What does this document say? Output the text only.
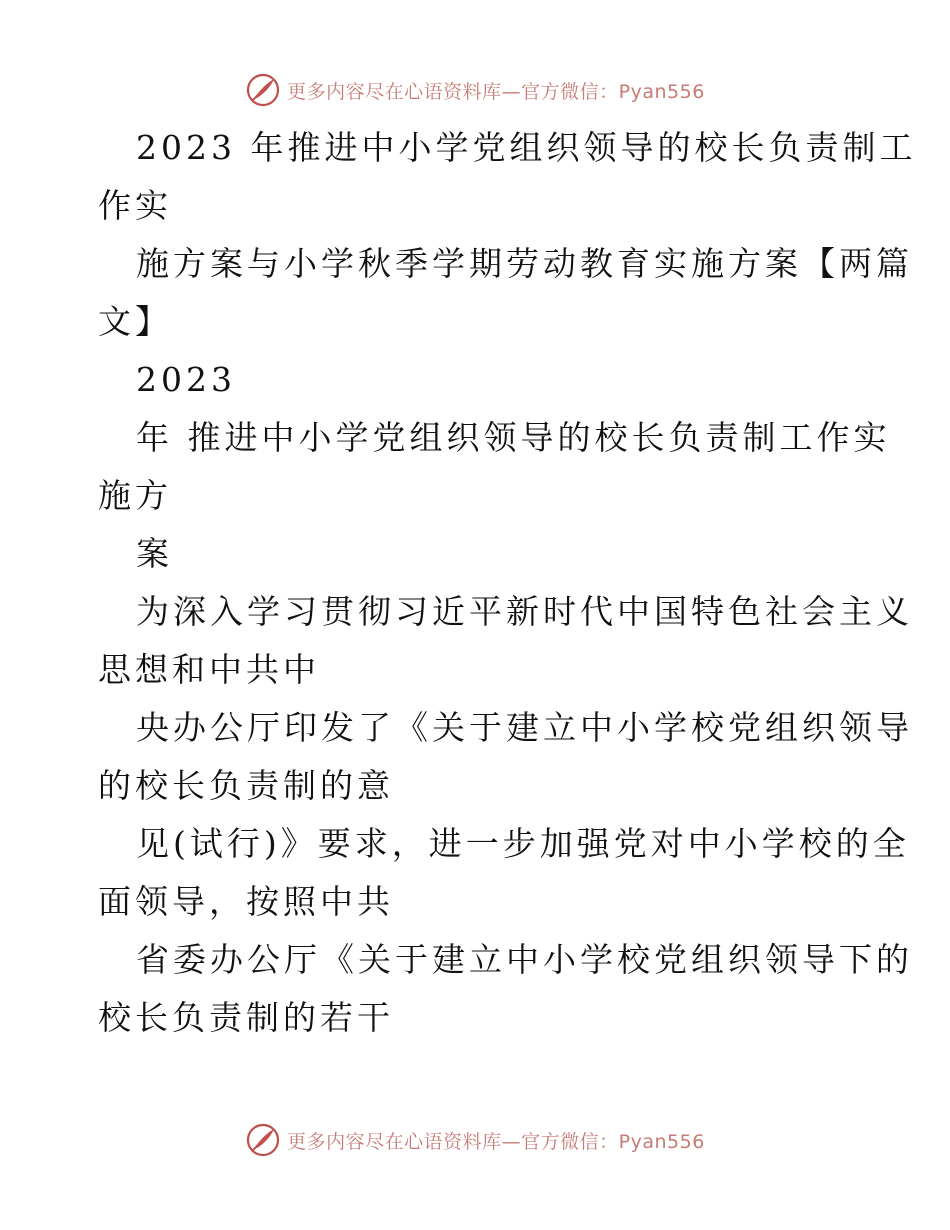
更多内容尽在心语资料库—官方微信：Pyan556
2023 年推进中小学党组织领导的校长负责制工
作实
施方案与小学秋季学期劳动教育实施方案【两篇
文】
2023
年 推进中小学党组织领导的校长负责制工作实
施方
案
为深入学习贯彻习近平新时代中国特色社会主义
思想和中共中
央办公厅印发了《关于建立中小学校党组织领导
的校长负责制的意
见(试行)》要求，进一步加强党对中小学校的全
面领导，按照中共
省委办公厅《关于建立中小学校党组织领导下的
校长负责制的若干
更多内容尽在心语资料库—官方微信：Pyan556
